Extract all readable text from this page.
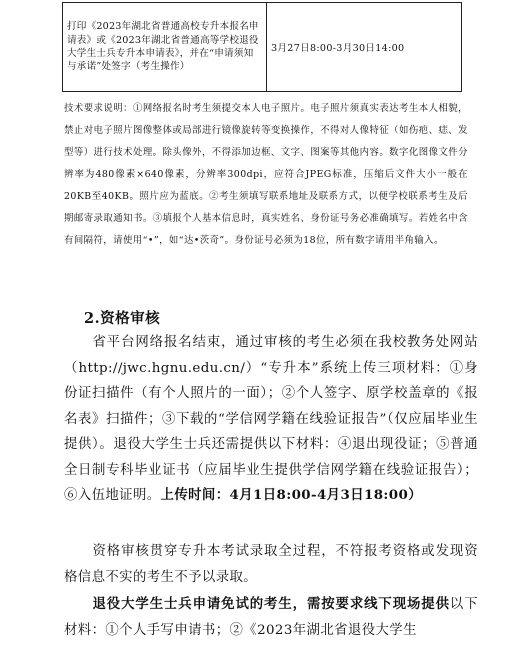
打印《2023年湖北省普通高校专升本报名申请表》或《2023年湖北省普通高等学校退役大学生士兵专升本申请表》，并在“申请须知与承诺”处签字（考生操作）	3月27日8:00-3月30日14:00

技术要求说明：①网络报名时考生须提交本人电子照片。电子照片须真实表达考生本人相貌，禁止对电子照片图像整体或局部进行镜像旋转等变换操作，不得对人像特征（如伤疤、痣、发型等）进行技术处理。除头像外，不得添加边框、文字、图案等其他内容。数字化图像文件分辨率为480像素×640像素，分辨率300dpi，应符合JPEG标准，压缩后文件大小一般在20KB至40KB。照片应为蓝底。②考生须填写联系地址及联系方式，以便学校联系考生及后期邮寄录取通知书。③填报个人基本信息时，真实姓名、身份证号务必准确填写。若姓名中含有间隔符，请使用“•”，如“达•茨奇”。身份证号必须为18位，所有数字请用半角输入。

2.资格审核

省平台网络报名结束，通过审核的考生必须在我校教务处网站（http://jwc.hgnu.edu.cn/）“专升本”系统上传三项材料：①身份证扫描件（有个人照片的一面）；②个人签字、原学校盖章的《报名表》扫描件；③下载的“学信网学籍在线验证报告”（仅应届毕业生提供）。退役大学生士兵还需提供以下材料：④退出现役证；⑤普通全日制专科毕业证书（应届毕业生提供学信网学籍在线验证报告）；⑥入伍地证明。上传时间：4月1日8:00-4月3日18:00）

资格审核贯穿专升本考试录取全过程，不符报考资格或发现资格信息不实的考生不予以录取。

退役大学生士兵申请免试的考生，需按要求线下现场提供以下材料：①个人手写申请书；②《2023年湖北省退役大学生
